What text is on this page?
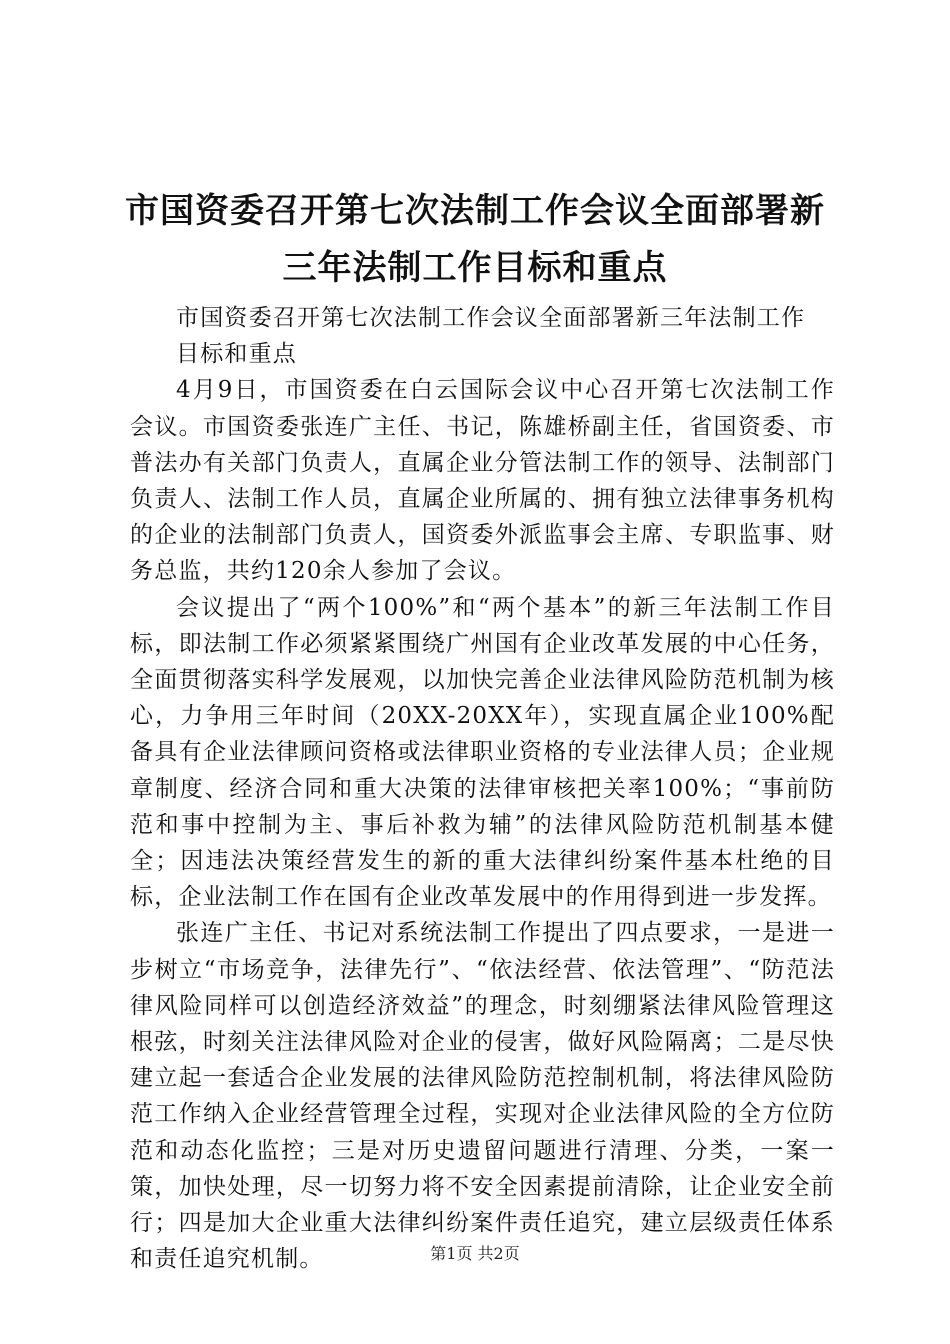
市国资委召开第七次法制工作会议全面部署新
三年法制工作目标和重点

市国资委召开第七次法制工作会议全面部署新三年法制工作

目标和重点

4月9日，市国资委在白云国际会议中心召开第七次法制工作会议。市国资委张连广主任、书记，陈雄桥副主任，省国资委、市普法办有关部门负责人，直属企业分管法制工作的领导、法制部门负责人、法制工作人员，直属企业所属的、拥有独立法律事务机构的企业的法制部门负责人，国资委外派监事会主席、专职监事、财务总监，共约120余人参加了会议。

会议提出了“两个100%”和“两个基本”的新三年法制工作目标，即法制工作必须紧紧围绕广州国有企业改革发展的中心任务，全面贯彻落实科学发展观，以加快完善企业法律风险防范机制为核心，力争用三年时间（20XX-20XX年），实现直属企业100%配备具有企业法律顾问资格或法律职业资格的专业法律人员；企业规章制度、经济合同和重大决策的法律审核把关率100%；“事前防范和事中控制为主、事后补救为辅”的法律风险防范机制基本健全；因违法决策经营发生的新的重大法律纠纷案件基本杜绝的目标，企业法制工作在国有企业改革发展中的作用得到进一步发挥。

张连广主任、书记对系统法制工作提出了四点要求，一是进一步树立“市场竞争，法律先行”、“依法经营、依法管理”、“防范法律风险同样可以创造经济效益”的理念，时刻绷紧法律风险管理这根弦，时刻关注法律风险对企业的侵害，做好风险隔离；二是尽快建立起一套适合企业发展的法律风险防范控制机制，将法律风险防范工作纳入企业经营管理全过程，实现对企业法律风险的全方位防范和动态化监控；三是对历史遗留问题进行清理、分类，一案一策，加快处理，尽一切努力将不安全因素提前清除，让企业安全前行；四是加大企业重大法律纠纷案件责任追究，建立层级责任体系和责任追究机制。	第1页 共2页
